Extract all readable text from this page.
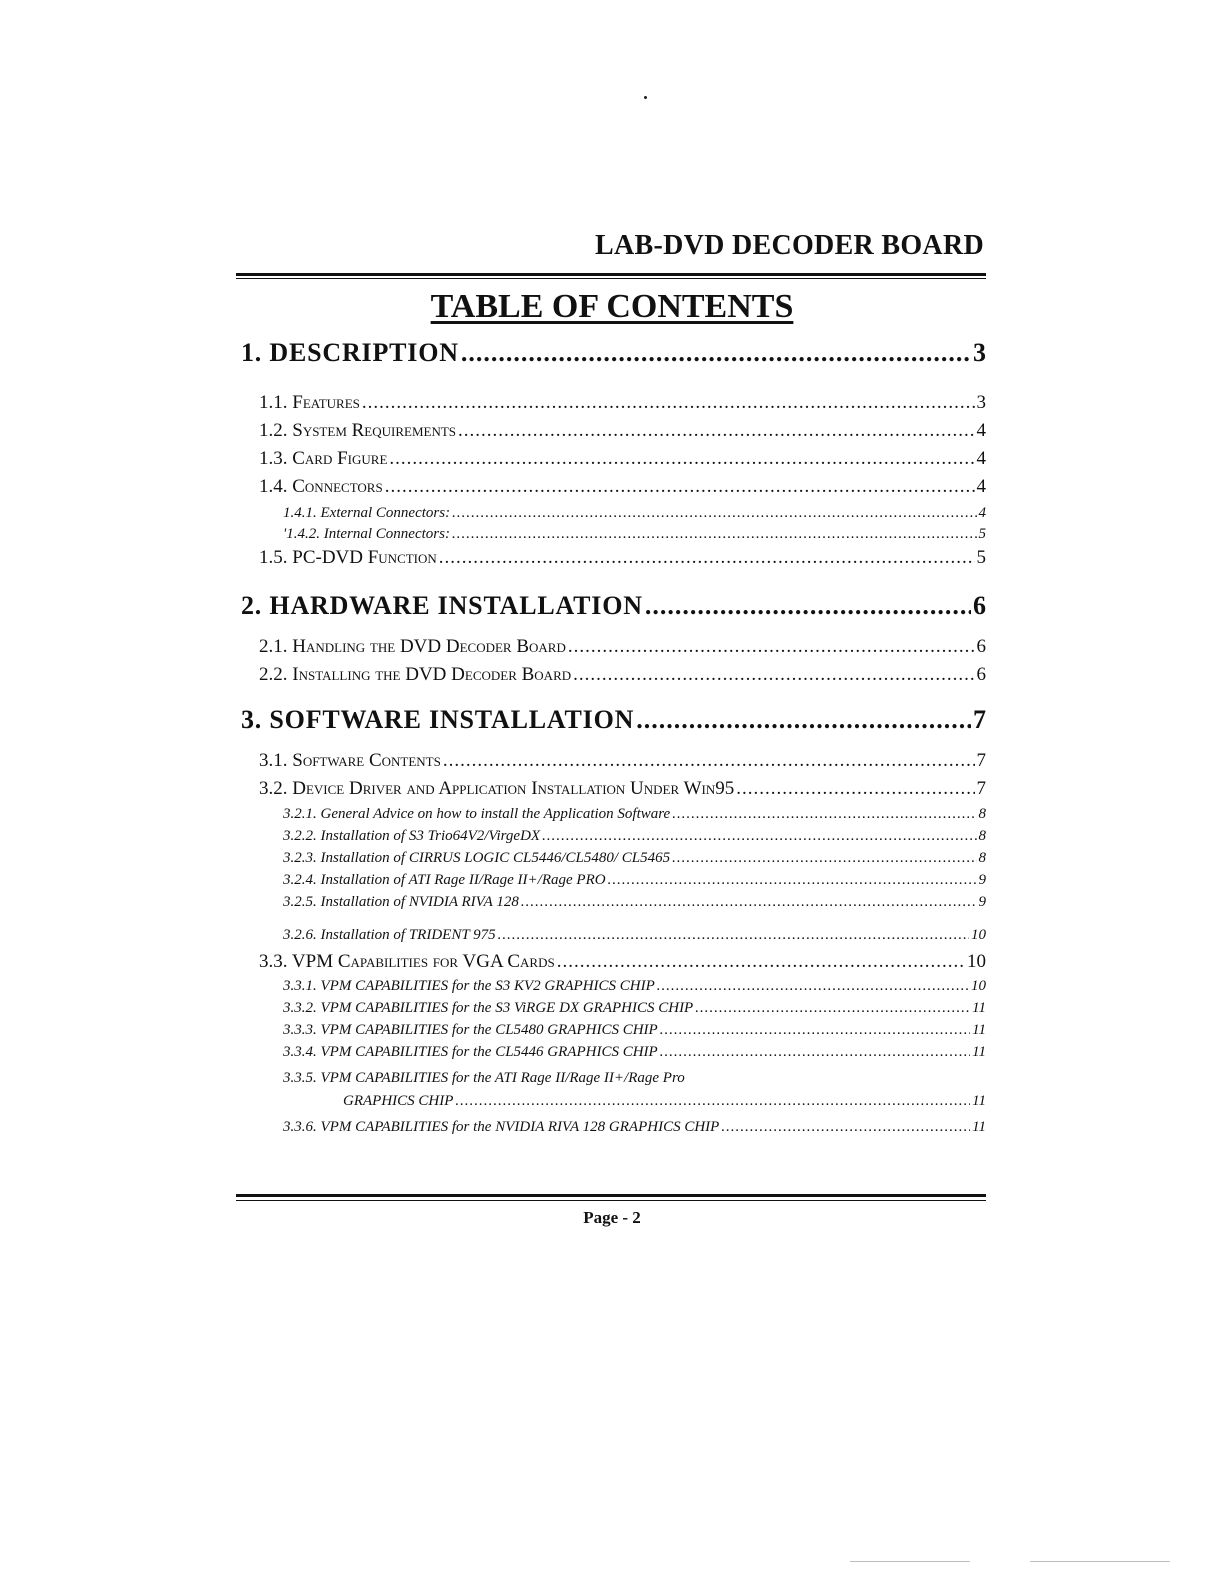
LAB-DVD DECODER BOARD
TABLE OF CONTENTS
1. DESCRIPTION .....	3
1.1. Features .....	3
1.2. System Requirements .....	4
1.3. Card Figure .....	4
1.4. Connectors .....	4
1.4.1. External Connectors: .....	4
'1.4.2. Internal Connectors: .....	5
1.5. PC-DVD Function .....	5
2. HARDWARE INSTALLATION .....	6
2.1. Handling the DVD Decoder Board .....	6
2.2. Installing the DVD Decoder Board .....	6
3. SOFTWARE INSTALLATION .....	7
3.1. Software Contents .....	7
3.2. Device Driver and Application Installation Under Win95 .....	7
3.2.1. General Advice on how to install the Application Software .....	8
3.2.2. Installation of S3 Trio64V2/VirgeDX .....	8
3.2.3. Installation of CIRRUS LOGIC CL5446/CL5480/ CL5465 .....	8
3.2.4. Installation of ATI Rage II/Rage II+/Rage PRO .....	9
3.2.5. Installation of NVIDIA RIVA 128 .....	9
3.2.6. Installation of TRIDENT 975 .....	10
3.3. VPM Capabilities for VGA Cards .....	10
3.3.1. VPM CAPABILITIES for the S3 KV2 GRAPHICS CHIP .....	10
3.3.2. VPM CAPABILITIES for the S3 ViRGE DX GRAPHICS CHIP .....	11
3.3.3. VPM CAPABILITIES for the CL5480 GRAPHICS CHIP .....	11
3.3.4. VPM CAPABILITIES for the CL5446 GRAPHICS CHIP .....	11
3.3.5. VPM CAPABILITIES for the ATI Rage II/Rage II+/Rage Pro
GRAPHICS CHIP .....	11
3.3.6. VPM CAPABILITIES for the NVIDIA RIVA 128 GRAPHICS CHIP .....	11
Page - 2
